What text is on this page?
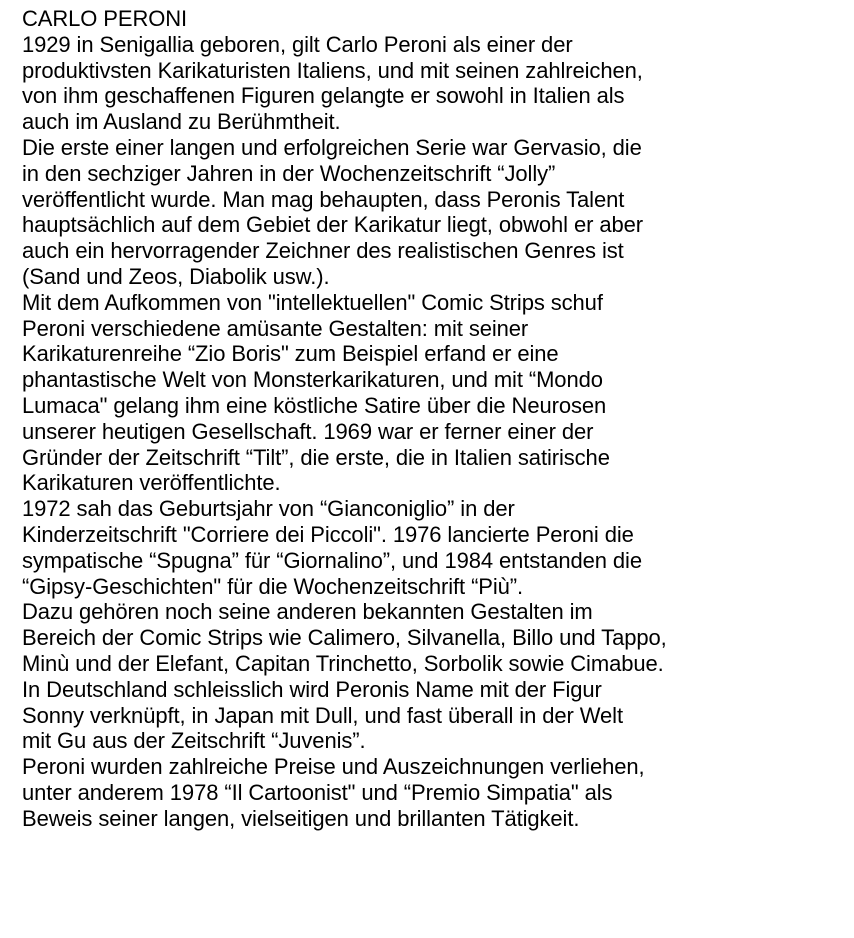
CARLO PERONI
1929 in Senigallia geboren, gilt Carlo Peroni als einer der
produktivsten Karikaturisten Italiens, und mit seinen zahlreichen,
von ihm geschaffenen Figuren gelangte er sowohl in Italien als
auch im Ausland zu Berühmtheit.
Die erste einer langen und erfolgreichen Serie war Gervasio, die
in den sechziger Jahren in der Wochenzeitschrift “Jolly”
veröffentlicht wurde. Man mag behaupten, dass Peronis Talent
hauptsächlich auf dem Gebiet der Karikatur liegt, obwohl er aber
auch ein hervorragender Zeichner des realistischen Genres ist
(Sand und Zeos, Diabolik usw.).
Mit dem Aufkommen von "intellektuellen" Comic Strips schuf
Peroni verschiedene amüsante Gestalten: mit seiner
Karikaturenreihe “Zio Boris" zum Beispiel erfand er eine
phantastische Welt von Monsterkarikaturen, und mit “Mondo
Lumaca" gelang ihm eine köstliche Satire über die Neurosen
unserer heutigen Gesellschaft. 1969 war er ferner einer der
Gründer der Zeitschrift “Tilt”, die erste, die in Italien satirische
Karikaturen veröffentlichte.
1972 sah das Geburtsjahr von “Gianconiglio” in der
Kinderzeitschrift "Corriere dei Piccoli". 1976 lancierte Peroni die
sympatische “Spugna” für “Giornalino”, und 1984 entstanden die
“Gipsy-Geschichten" für die Wochenzeitschrift “Più”.
Dazu gehören noch seine anderen bekannten Gestalten im
Bereich der Comic Strips wie Calimero, Silvanella, Billo und Tappo,
Minù und der Elefant, Capitan Trinchetto, Sorbolik sowie Cimabue.
In Deutschland schleisslich wird Peronis Name mit der Figur
Sonny verknüpft, in Japan mit Dull, und fast überall in der Welt
mit Gu aus der Zeitschrift “Juvenis”.
Peroni wurden zahlreiche Preise und Auszeichnungen verliehen,
unter anderem 1978 “Il Cartoonist" und “Premio Simpatia" als
Beweis seiner langen, vielseitigen und brillanten Tätigkeit.
